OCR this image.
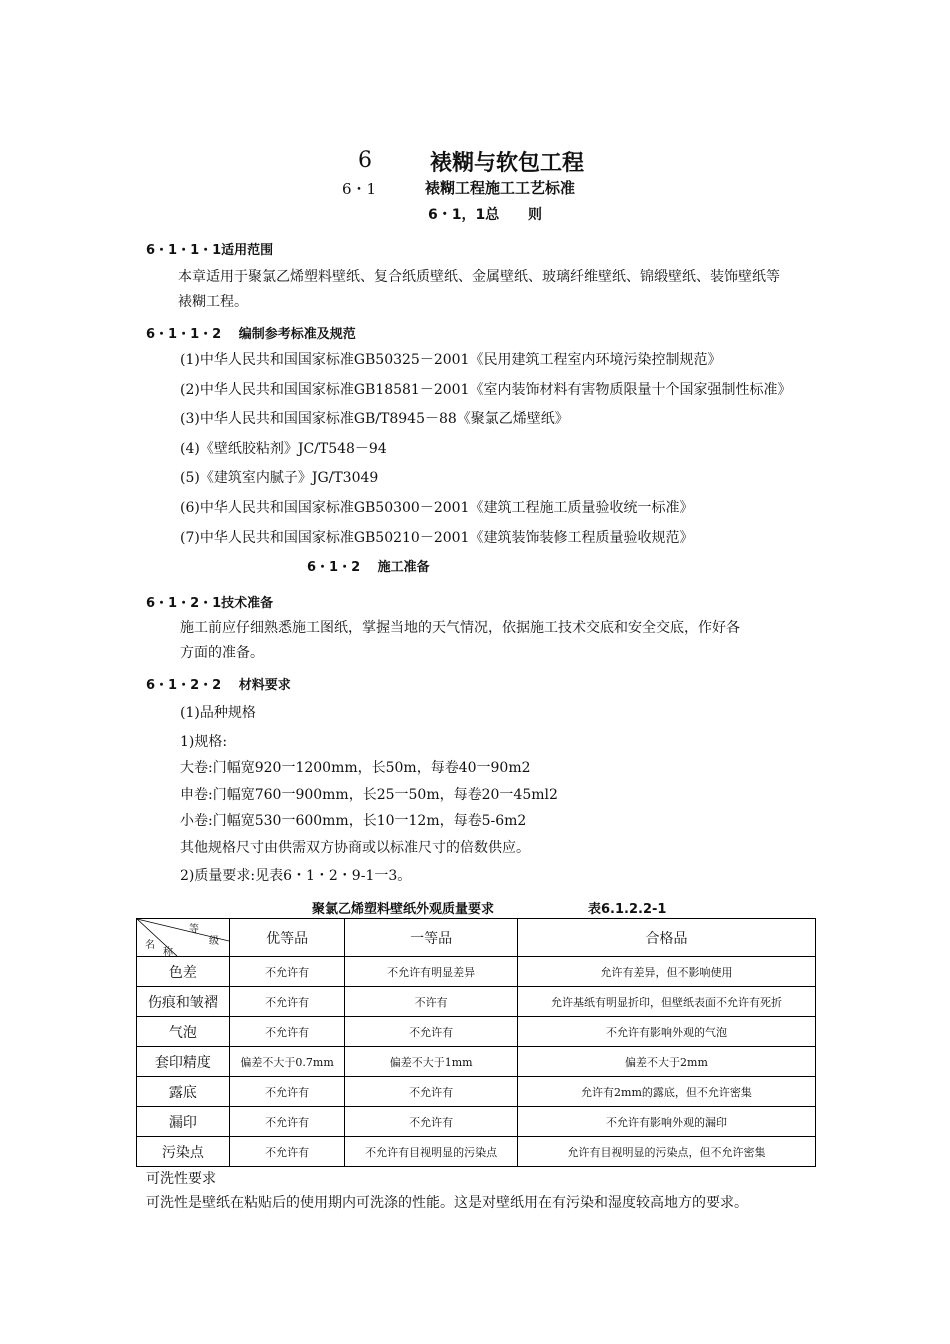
6	裱糊与软包工程
6・1	裱糊工程施工工艺标准
6・1，1总 则
6・1・1・1适用范围
本章适用于聚氯乙烯塑料壁纸、复合纸质壁纸、金属壁纸、玻璃纤维壁纸、锦缎壁纸、装饰壁纸等
裱糊工程。
6・1・1・2　 编制参考标准及规范
(1)中华人民共和国国家标准GB50325－2001《民用建筑工程室内环境污染控制规范》
(2)中华人民共和国国家标准GB18581－2001《室内装饰材料有害物质限量十个国家强制性标准》
(3)中华人民共和国国家标准GB/T8945－88《聚氯乙烯壁纸》
(4)《壁纸胶粘剂》JC/T548－94
(5)《建筑室内腻子》JG/T3049
(6)中华人民共和国国家标准GB50300－2001《建筑工程施工质量验收统一标准》
(7)中华人民共和国国家标准GB50210－2001《建筑装饰装修工程质量验收规范》
6・1・2　 施工准备
6・1・2・1技术准备
施工前应仔细熟悉施工图纸，掌握当地的天气情况，依据施工技术交底和安全交底，作好各
方面的准备。
6・1・2・2　 材料要求
(1)品种规格
1)规格:
大卷:门幅宽920一1200mm，长50m，每卷40一90m2
申卷:门幅宽760一900mm，长25一50m，每卷20一45ml2
小卷:门幅宽530一600mm，长10一12m，每卷5-6m2
其他规格尺寸由供需双方协商或以标准尺寸的倍数供应。
2)质量要求:见表6・1・2・9-1一3。
聚氯乙烯塑料壁纸外观质量要求	表6.1.2.2-1
等
级
名
称	优等品	一等品	合格品
色差	不允许有	不允许有明显差异	允许有差异，但不影响使用
伤痕和皱褶	不允许有	不许有	允许基纸有明显折印，但壁纸表面不允许有死折
气泡	不允许有	不允许有	不允许有影响外观的气泡
套印精度	偏差不大于0.7mm	偏差不大于1mm	偏差不大于2mm
露底	不允许有	不允许有	允许有2mm的露底，但不允许密集
漏印	不允许有	不允许有	不允许有影响外观的漏印
污染点	不允许有	不允许有目视明显的污染点	允许有目视明显的污染点，但不允许密集
可洗性要求
可洗性是壁纸在粘贴后的使用期内可洗涤的性能。这是对壁纸用在有污染和湿度较高地方的要求。
